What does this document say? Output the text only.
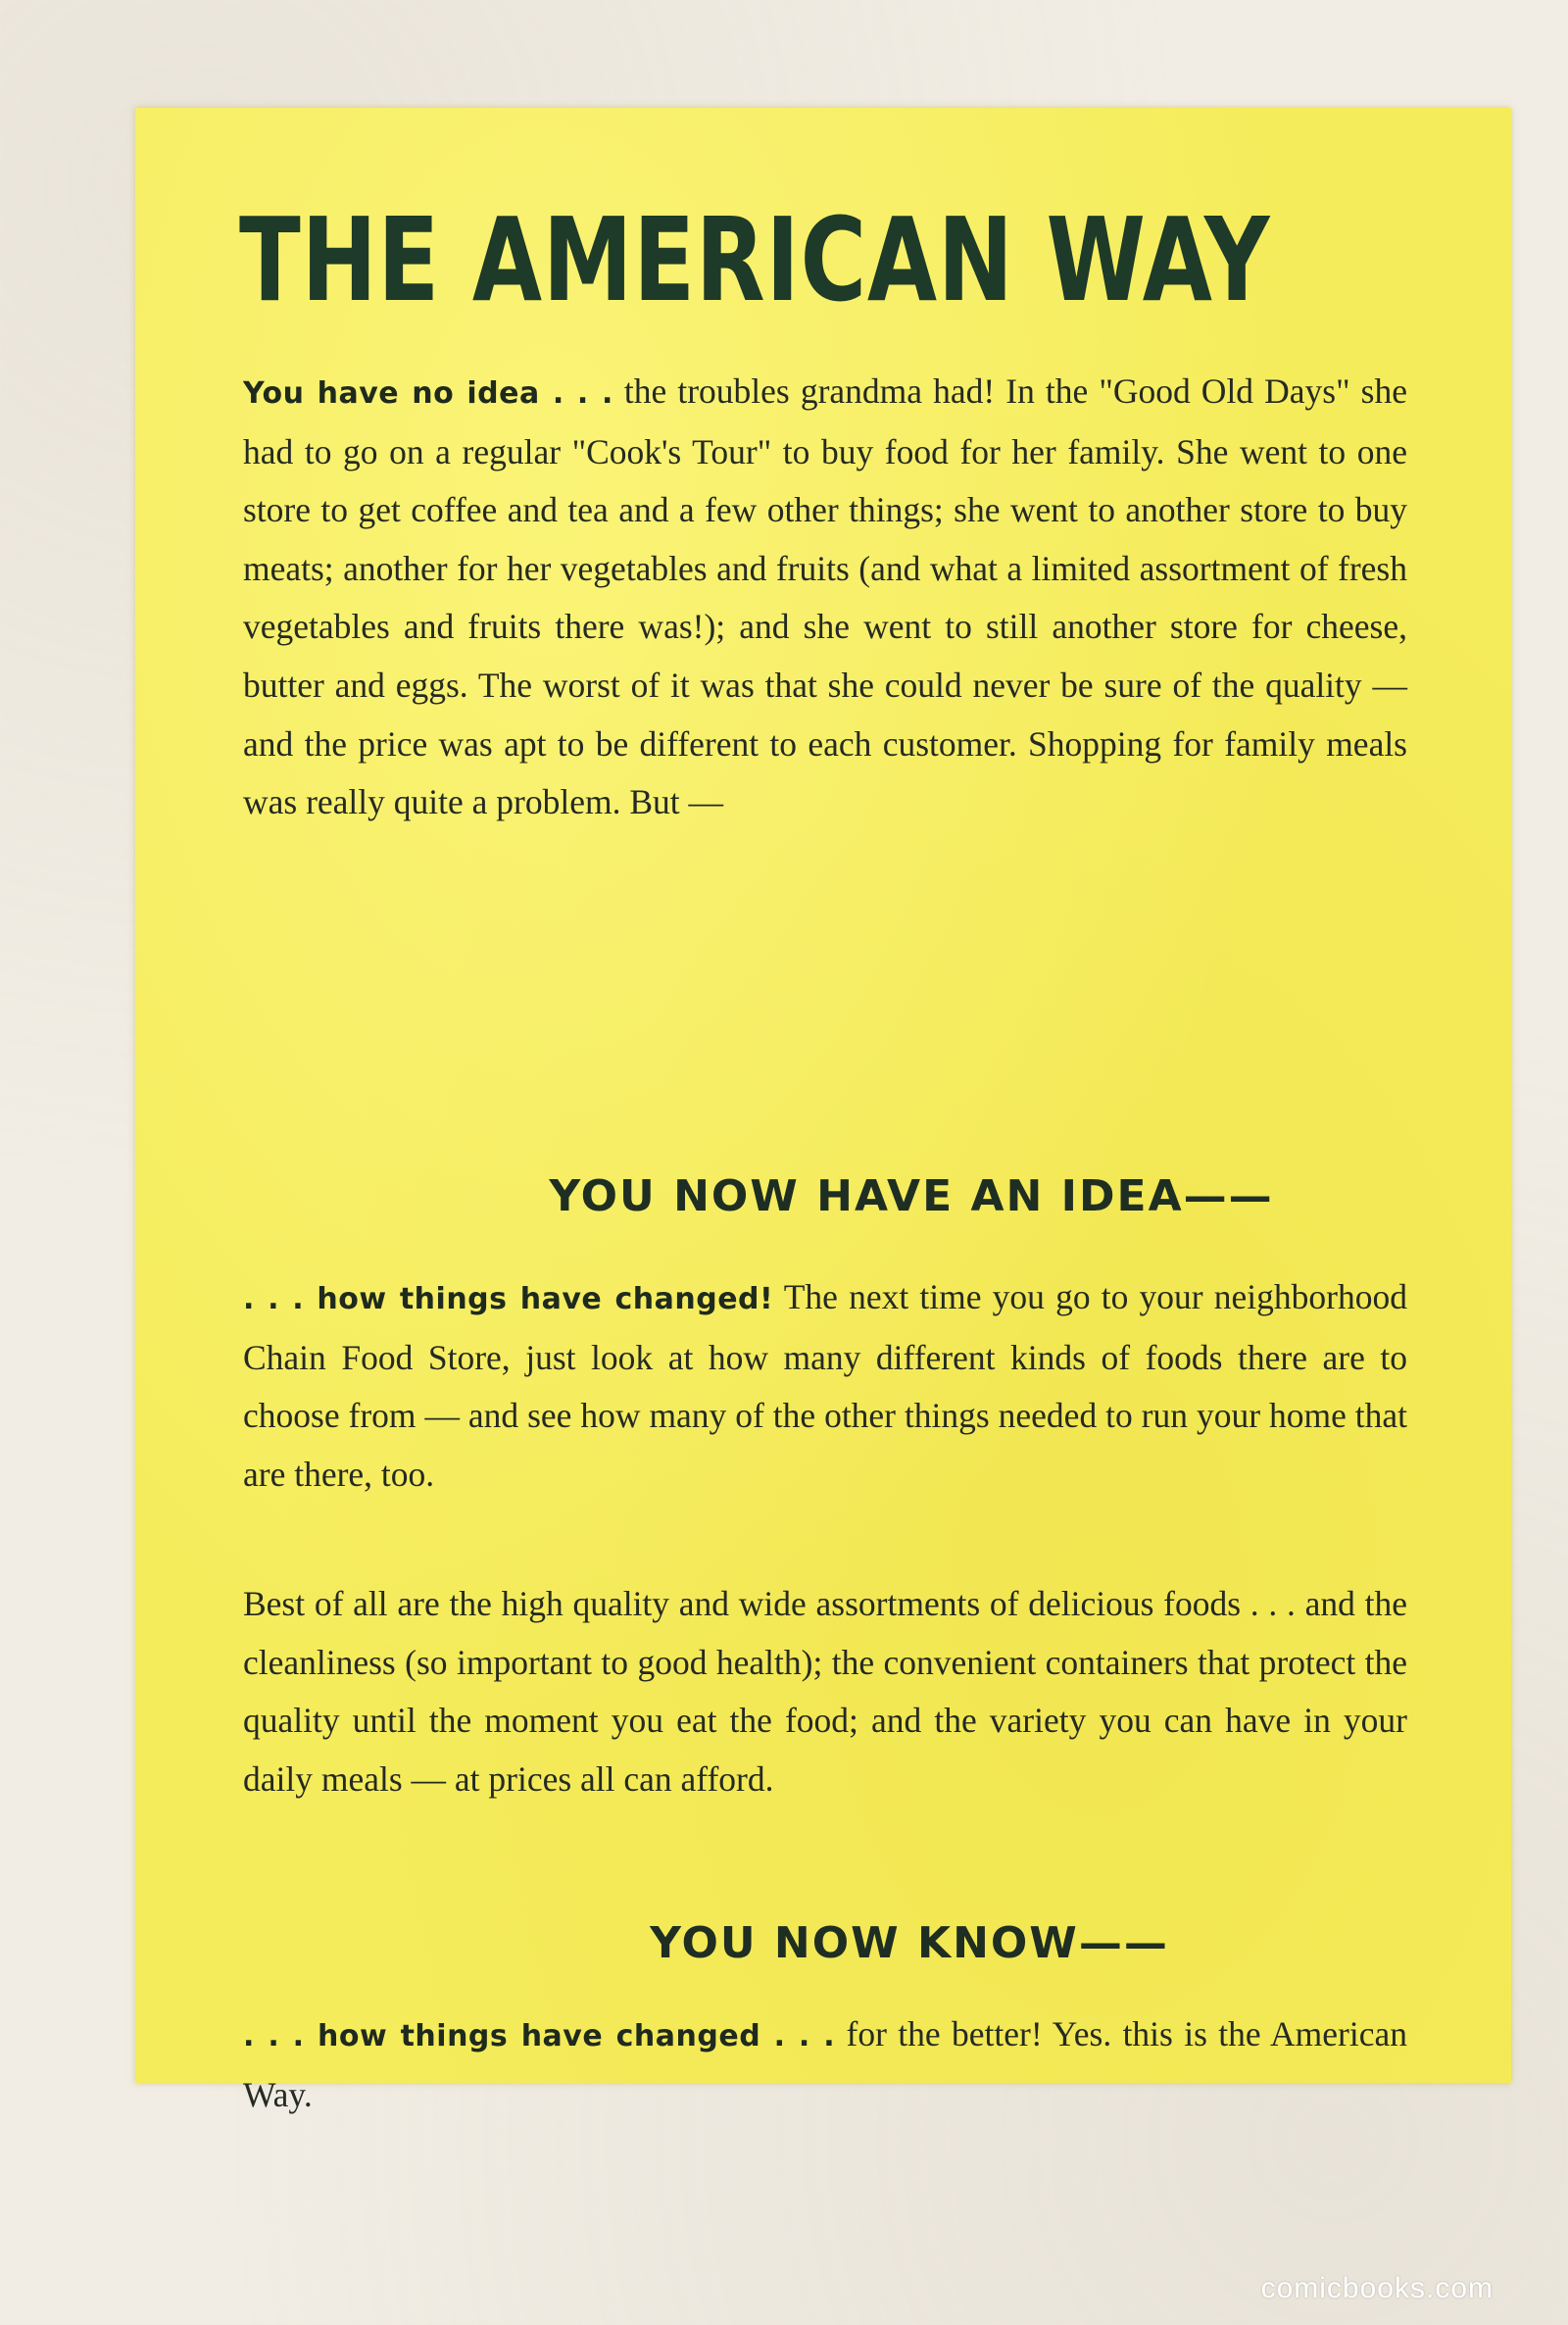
THE AMERICAN WAY

You have no idea . . . the troubles grandma had! In the "Good Old Days" she had to go on a regular "Cook's Tour" to buy food for her family. She went to one store to get coffee and tea and a few other things; she went to another store to buy meats; another for her vegetables and fruits (and what a limited assortment of fresh vegetables and fruits there was!); and she went to still another store for cheese, butter and eggs. The worst of it was that she could never be sure of the quality — and the price was apt to be different to each customer. Shopping for family meals was really quite a problem. But —

YOU NOW HAVE AN IDEA——

. . . how things have changed! The next time you go to your neighborhood Chain Food Store, just look at how many different kinds of foods there are to choose from — and see how many of the other things needed to run your home that are there, too.

Best of all are the high quality and wide assortments of delicious foods . . . and the cleanliness (so important to good health); the convenient containers that protect the quality until the moment you eat the food; and the variety you can have in your daily meals — at prices all can afford.

YOU NOW KNOW——

. . . how things have changed . . . for the better! Yes. this is the American Way.

comicbooks.com
